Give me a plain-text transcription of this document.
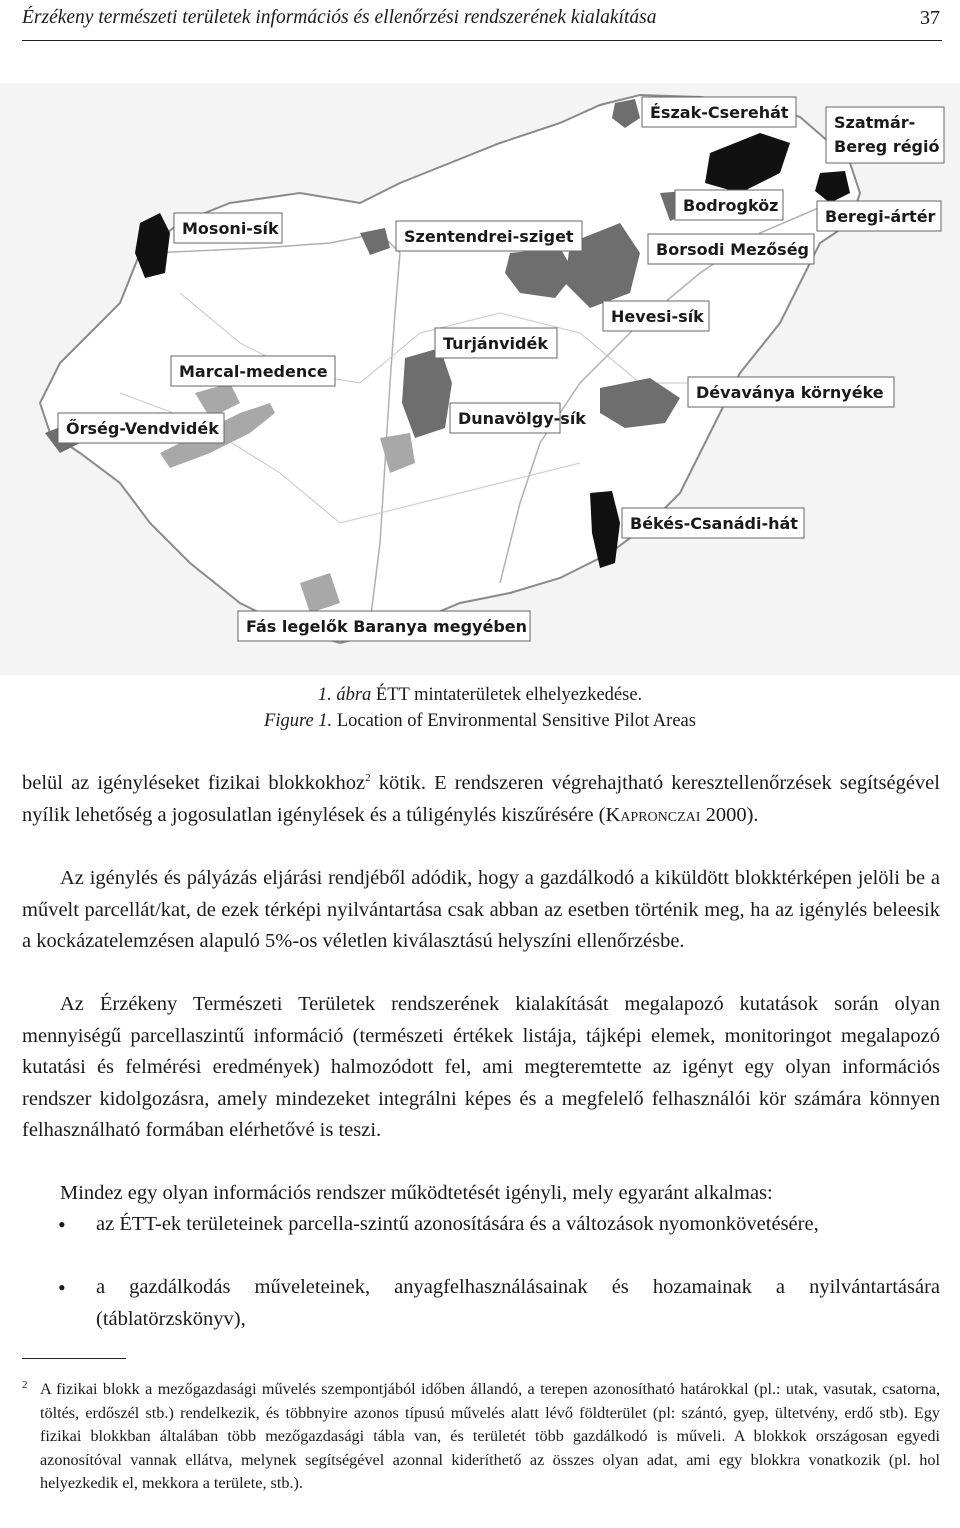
Érzékeny természeti területek információs és ellenőrzési rendszerének kialakítása	37
Észak-Cserehát
Szatmár-
Bereg régió
Bodrogköz
Beregi-ártér
Mosoni-sík	Szentendrei-sziget
Borsodi Mezőség
Hevesi-sík
Turjánvidék
Marcal-medence
Dévaványa környéke
Őrség-Vendvidék
Dunavölgy-sík
Békés-Csanádi-hát
Fás legelők Baranya megyében
1. ábra ÉTT mintaterületek elhelyezkedése.
Figure 1. Location of Environmental Sensitive Pilot Areas

belül az igényléseket fizikai blokkokhoz$^2$ kötik. E rendszeren végrehajtható keresztellenőrzések segítségével nyílik lehetőség a jogosulatlan igénylések és a túligénylés kiszűrésére (Kapronczai 2000).

Az igénylés és pályázás eljárási rendjéből adódik, hogy a gazdálkodó a kiküldött blokktérképen jelöli be a művelt parcellát/kat, de ezek térképi nyilvántartása csak abban az esetben történik meg, ha az igénylés beleesik a kockázatelemzésen alapuló 5%-os véletlen kiválasztású helyszíni ellenőrzésbe.

Az Érzékeny Természeti Területek rendszerének kialakítását megalapozó kutatások során olyan mennyiségű parcellaszintű információ (természeti értékek listája, tájképi elemek, monitoringot megalapozó kutatási és felmérési eredmények) halmozódott fel, ami megteremtette az igényt egy olyan információs rendszer kidolgozásra, amely mindezeket integrálni képes és a megfelelő felhasználói kör számára könnyen felhasználható formában elérhetővé is teszi.

Mindez egy olyan információs rendszer működtetését igényli, mely egyaránt alkalmas:

• az ÉTT-ek területeinek parcella-szintű azonosítására és a változások nyomonkövetésére,
• a gazdálkodás műveleteinek, anyagfelhasználásainak és hozamainak a nyilvántartására (táblatörzskönyv),
2 A fizikai blokk a mezőgazdasági művelés szempontjából időben állandó, a terepen azonosítható határokkal (pl.: utak, vasutak, csatorna, töltés, erdőszél stb.) rendelkezik, és többnyire azonos típusú művelés alatt lévő földterület (pl: szántó, gyep, ültetvény, erdő stb). Egy fizikai blokkban általában több mezőgazdasági tábla van, és területét több gazdálkodó is műveli. A blokkok országosan egyedi azonosítóval vannak ellátva, melynek segítségével azonnal kideríthető az összes olyan adat, ami egy blokkra vonatkozik (pl. hol helyezkedik el, mekkora a területe, stb.).
